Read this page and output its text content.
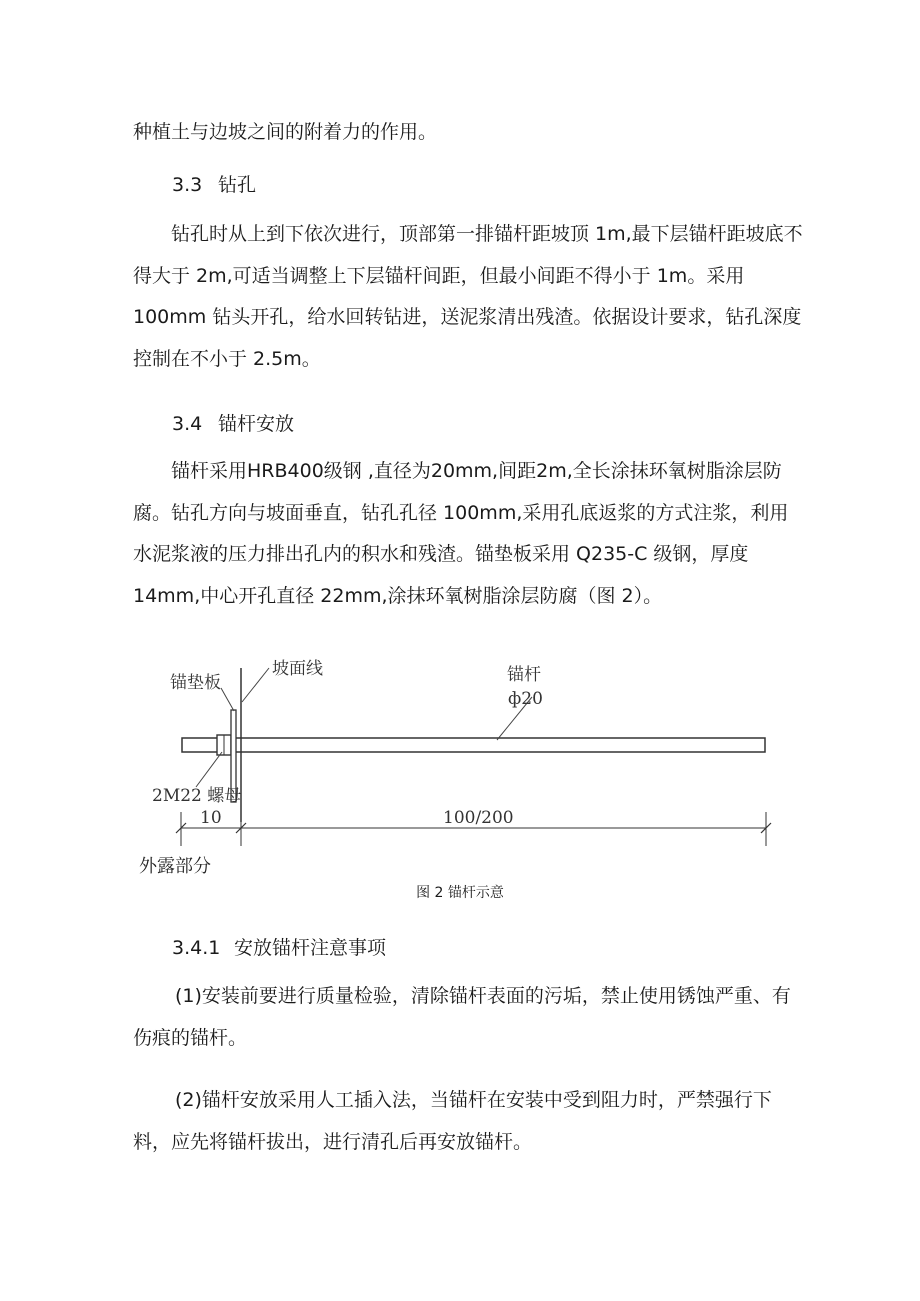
种植土与边坡之间的附着力的作用。

3.3 钻孔

钻孔时从上到下依次进行，顶部第一排锚杆距坡顶 1m,最下层锚杆距坡底不得大于 2m,可适当调整上下层锚杆间距，但最小间距不得小于 1m。采用 100mm 钻头开孔，给水回转钻进，送泥浆清出残渣。依据设计要求，钻孔深度控制在不小于 2.5m。

3.4 锚杆安放

锚杆采用HRB400级钢 ,直径为20mm,间距2m,全长涂抹环氧树脂涂层防腐。钻孔方向与坡面垂直，钻孔孔径 100mm,采用孔底返浆的方式注浆，利用水泥浆液的压力排出孔内的积水和残渣。锚垫板采用 Q235-C 级钢，厚度 14mm,中心开孔直径 22mm,涂抹环氧树脂涂层防腐（图 2）。

锚垫板
坡面线	锚杆
ф20
2M22 螺母
10	100/200
外露部分
图 2 锚杆示意

3.4.1 安放锚杆注意事项

(1)安装前要进行质量检验，清除锚杆表面的污垢，禁止使用锈蚀严重、有伤痕的锚杆。

(2)锚杆安放采用人工插入法，当锚杆在安装中受到阻力时，严禁强行下料，应先将锚杆拔出，进行清孔后再安放锚杆。
